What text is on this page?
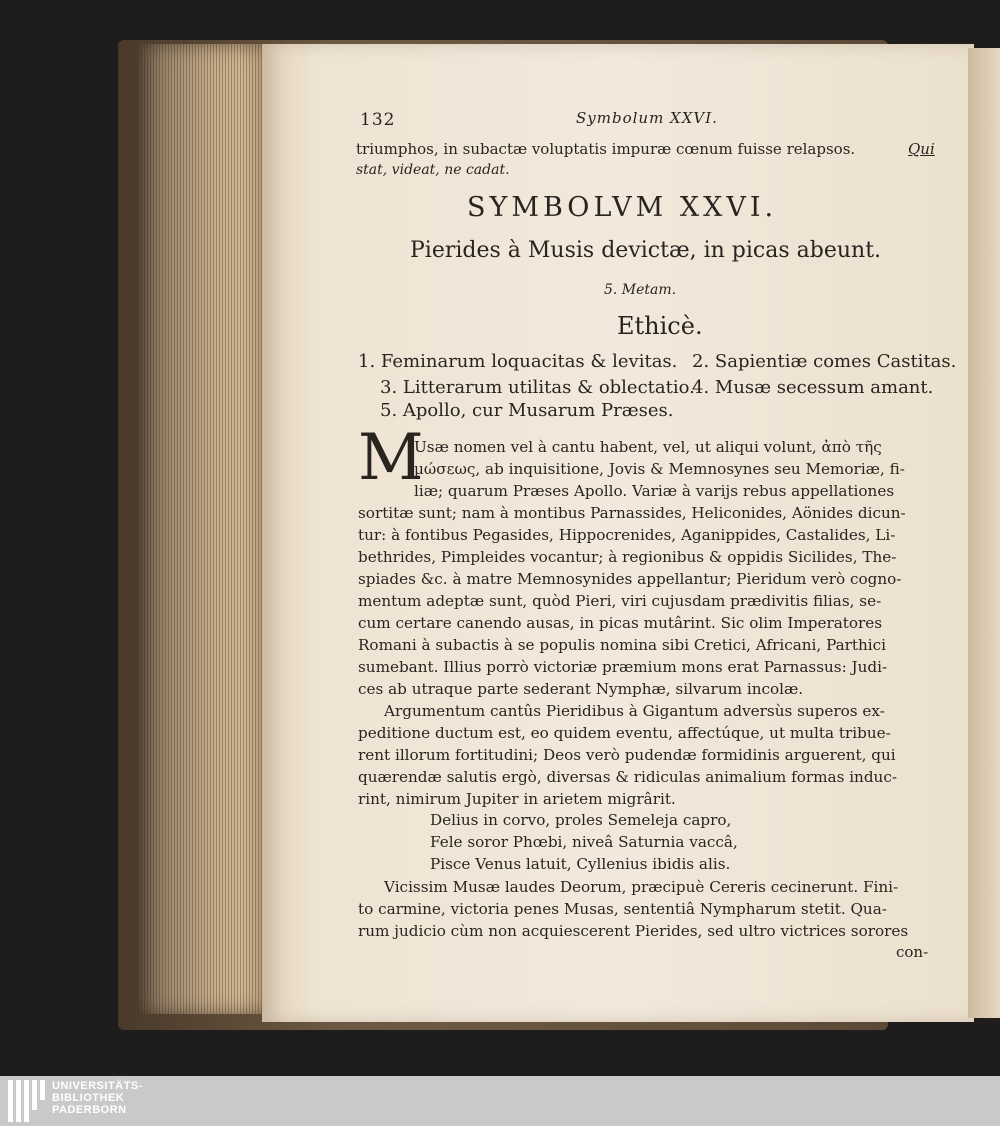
132	Symbolum XXVI.
triumphos, in subactæ voluptatis impuræ cœnum fuisse relapsos.	Qui
stat, videat, ne cadat.
SYMBOLVM XXVI.
Pierides à Musis devictæ, in picas abeunt.
5. Metam.
Ethicè.
1. Feminarum loquacitas & levitas. 2. Sapientiæ comes Castitas.
3. Litterarum utilitas & oblectatio.
4. Musæ secessum amant.
5. Apollo, cur Musarum Præses.
M
Usæ nomen vel à cantu habent, vel, ut aliqui volunt, ἀπὸ τῆς
μώσεως, ab inquisitione, Jovis & Memnosynes seu Memoriæ, fi-
liæ; quarum Præses Apollo. Variæ à varijs rebus appellationes
sortitæ sunt; nam à montibus Parnassides, Heliconides, Aönides dicun-
tur: à fontibus Pegasides, Hippocrenides, Aganippides, Castalides, Li-
bethrides, Pimpleides vocantur; à regionibus & oppidis Sicilides, The-
spiades &c. à matre Memnosynides appellantur; Pieridum verò cogno-
mentum adeptæ sunt, quòd Pieri, viri cujusdam prædivitis filias, se-
cum certare canendo ausas, in picas mutârint. Sic olim Imperatores
Romani à subactis à se populis nomina sibi Cretici, Africani, Parthici
sumebant. Illius porrò victoriæ præmium mons erat Parnassus: Judi-
ces ab utraque parte sederant Nymphæ, silvarum incolæ.
Argumentum cantûs Pieridibus à Gigantum adversùs superos ex-
peditione ductum est, eo quidem eventu, affectúque, ut multa tribue-
rent illorum fortitudini; Deos verò pudendæ formidinis arguerent, qui
quærendæ salutis ergò, diversas & ridiculas animalium formas induc-
rint, nimirum Jupiter in arietem migrârit.
Delius in corvo, proles Semeleja capro,
Fele soror Phœbi, niveâ Saturnia vaccâ,
Pisce Venus latuit, Cyllenius ibidis alis.
Vicissim Musæ laudes Deorum, præcipuè Cereris cecinerunt. Fini-
to carmine, victoria penes Musas, sententiâ Nympharum stetit. Qua-
rum judicio cùm non acquiescerent Pierides, sed ultro victrices sorores
con-
UNIVERSITÄTS-
BIBLIOTHEK
PADERBORN
